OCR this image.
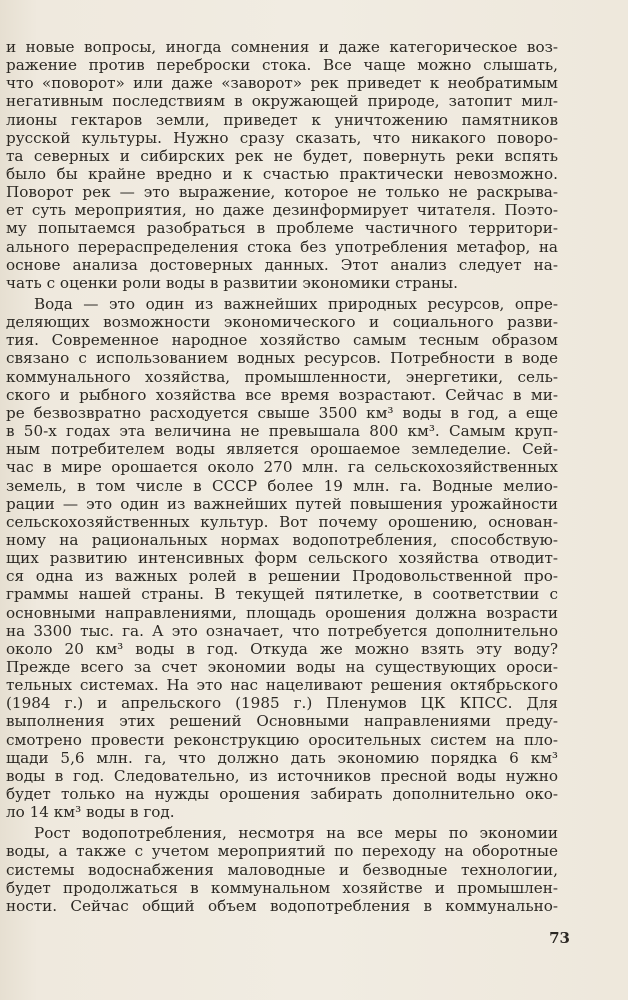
и новые вопросы, иногда сомнения и даже категорическое воз-
ражение против переброски стока. Все чаще можно слышать,
что «поворот» или даже «заворот» рек приведет к необратимым
негативным последствиям в окружающей природе, затопит мил-
лионы гектаров земли, приведет к уничтожению памятников
русской культуры. Нужно сразу сказать, что никакого поворо-
та северных и сибирских рек не будет, повернуть реки вспять
было бы крайне вредно и к счастью практически невозможно.
Поворот рек — это выражение, которое не только не раскрыва-
ет суть мероприятия, но даже дезинформирует читателя. Поэто-
му попытаемся разобраться в проблеме частичного территори-
ального перераспределения стока без употребления метафор, на
основе анализа достоверных данных. Этот анализ следует на-
чать с оценки роли воды в развитии экономики страны.
Вода — это один из важнейших природных ресурсов, опре-
деляющих возможности экономического и социального разви-
тия. Современное народное хозяйство самым тесным образом
связано с использованием водных ресурсов. Потребности в воде
коммунального хозяйства, промышленности, энергетики, сель-
ского и рыбного хозяйства все время возрастают. Сейчас в ми-
ре безвозвратно расходуется свыше 3500 км³ воды в год, а еще
в 50-х годах эта величина не превышала 800 км³. Самым круп-
ным потребителем воды является орошаемое земледелие. Сей-
час в мире орошается около 270 млн. га сельскохозяйственных
земель, в том числе в СССР более 19 млн. га. Водные мелио-
рации — это один из важнейших путей повышения урожайности
сельскохозяйственных культур. Вот почему орошению, основан-
ному на рациональных нормах водопотребления, способствую-
щих развитию интенсивных форм сельского хозяйства отводит-
ся одна из важных ролей в решении Продовольственной про-
граммы нашей страны. В текущей пятилетке, в соответствии с
основными направлениями, площадь орошения должна возрасти
на 3300 тыс. га. А это означает, что потребуется дополнительно
около 20 км³ воды в год. Откуда же можно взять эту воду?
Прежде всего за счет экономии воды на существующих ороси-
тельных системах. На это нас нацеливают решения октябрьского
(1984 г.) и апрельского (1985 г.) Пленумов ЦК КПСС. Для
выполнения этих решений Основными направлениями преду-
смотрено провести реконструкцию оросительных систем на пло-
щади 5,6 млн. га, что должно дать экономию порядка 6 км³
воды в год. Следовательно, из источников пресной воды нужно
будет только на нужды орошения забирать дополнительно око-
ло 14 км³ воды в год.
Рост водопотребления, несмотря на все меры по экономии
воды, а также с учетом мероприятий по переходу на оборотные
системы водоснабжения маловодные и безводные технологии,
будет продолжаться в коммунальном хозяйстве и промышлен-
ности. Сейчас общий объем водопотребления в коммунально-
73
